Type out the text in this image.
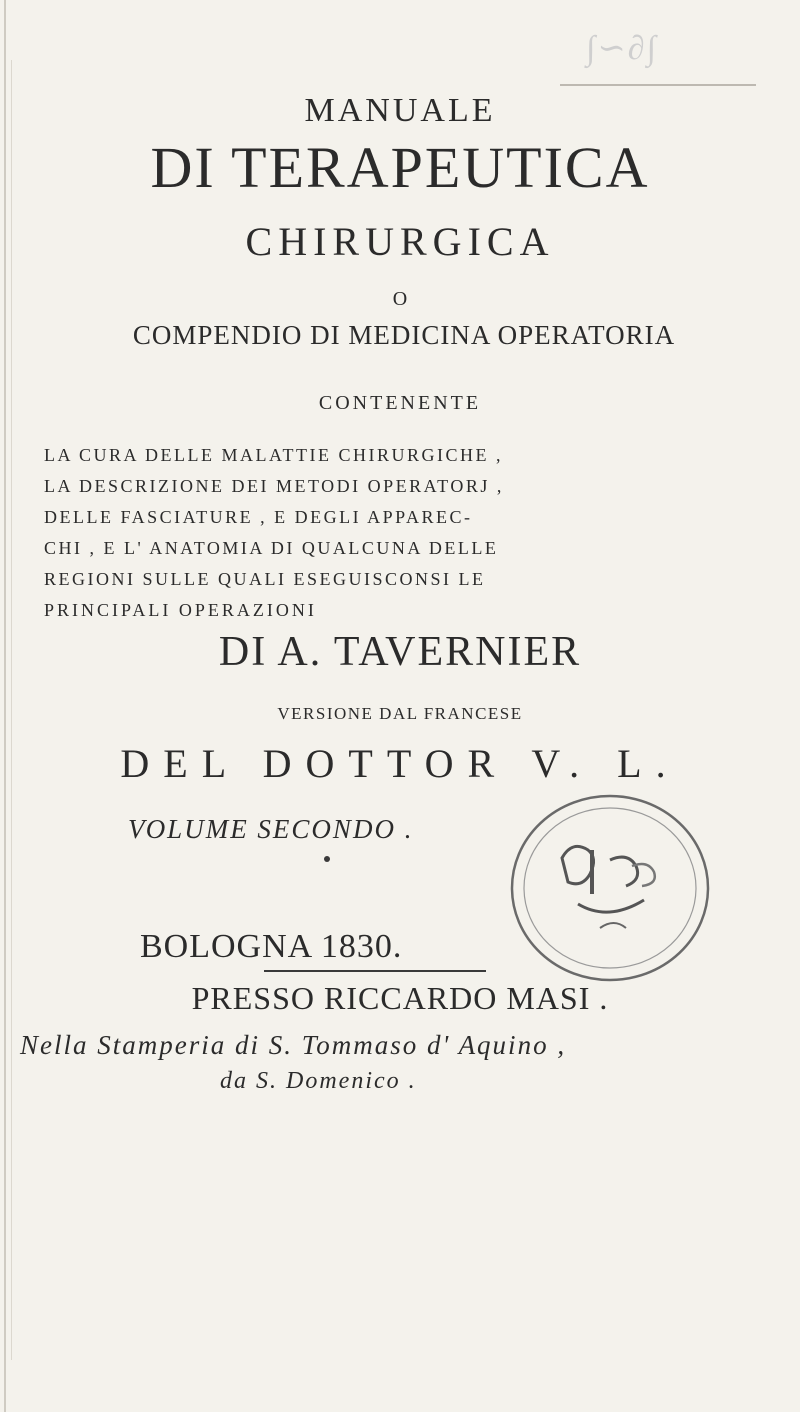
∫∽∂∫
MANUALE
DI TERAPEUTICA
CHIRURGICA
O
COMPENDIO DI MEDICINA OPERATORIA
CONTENENTE
LA CURA DELLE MALATTIE CHIRURGICHE ,
LA DESCRIZIONE DEI METODI OPERATORJ ,
DELLE FASCIATURE , E DEGLI APPAREC-
CHI , E L' ANATOMIA DI QUALCUNA DELLE
REGIONI SULLE QUALI ESEGUISCONSI LE
PRINCIPALI OPERAZIONI
DI A. TAVERNIER
VERSIONE DAL FRANCESE
DEL DOTTOR V. L.
VOLUME SECONDO .
BOLOGNA 1830.
PRESSO RICCARDO MASI .
Nella Stamperia di S. Tommaso d' Aquino ,
da S. Domenico .
